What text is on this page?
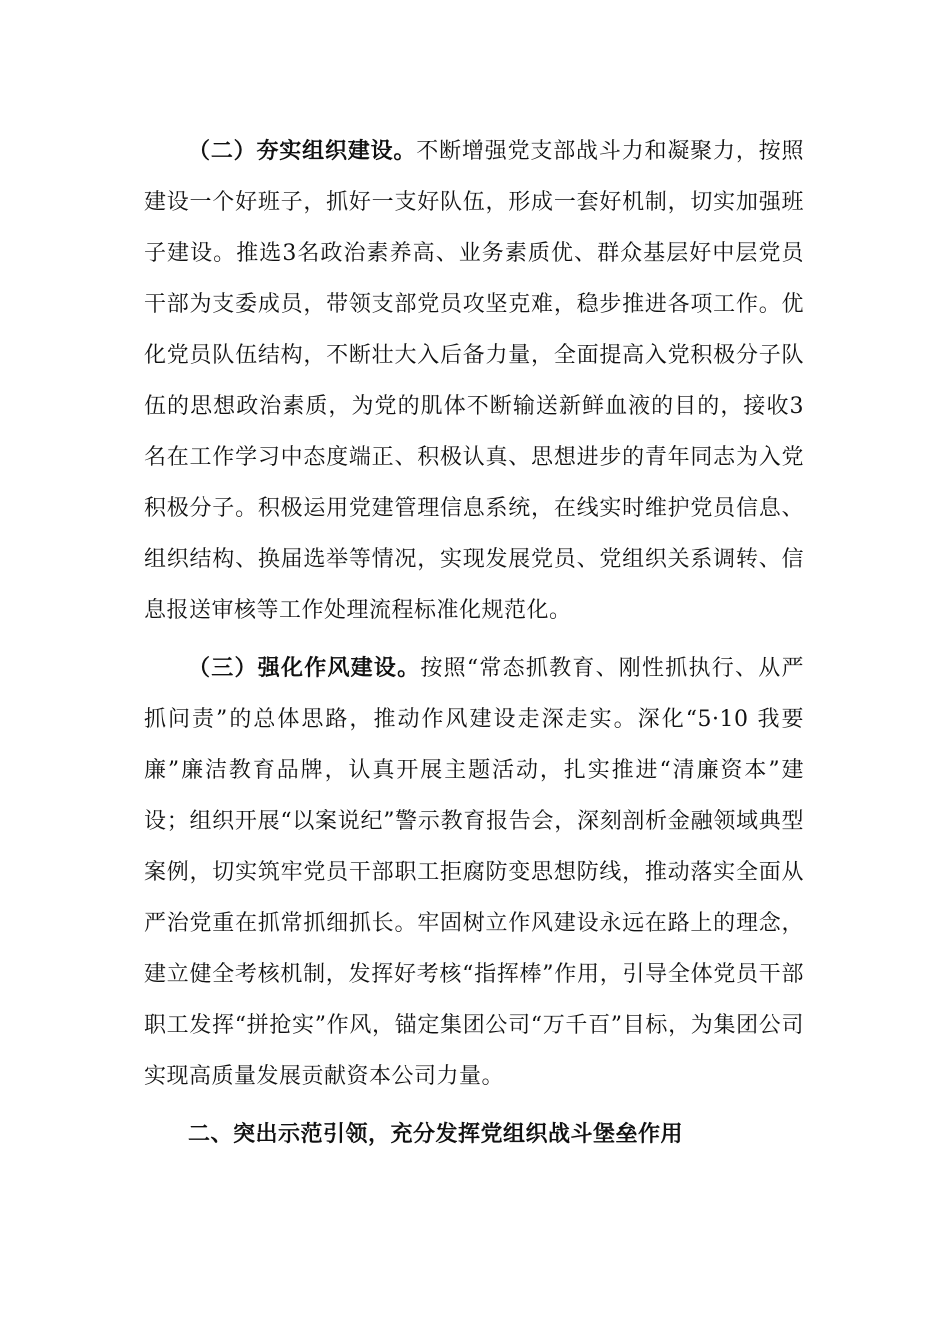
（二）夯实组织建设。不断增强党支部战斗力和凝聚力，按照建设一个好班子，抓好一支好队伍，形成一套好机制，切实加强班子建设。推选3名政治素养高、业务素质优、群众基层好中层党员干部为支委成员，带领支部党员攻坚克难，稳步推进各项工作。优化党员队伍结构，不断壮大入后备力量，全面提高入党积极分子队伍的思想政治素质，为党的肌体不断输送新鲜血液的目的，接收3名在工作学习中态度端正、积极认真、思想进步的青年同志为入党积极分子。积极运用党建管理信息系统，在线实时维护党员信息、组织结构、换届选举等情况，实现发展党员、党组织关系调转、信息报送审核等工作处理流程标准化规范化。

（三）强化作风建设。按照“常态抓教育、刚性抓执行、从严抓问责”的总体思路，推动作风建设走深走实。深化“5·10 我要廉”廉洁教育品牌，认真开展主题活动，扎实推进“清廉资本”建设；组织开展“以案说纪”警示教育报告会，深刻剖析金融领域典型案例，切实筑牢党员干部职工拒腐防变思想防线，推动落实全面从严治党重在抓常抓细抓长。牢固树立作风建设永远在路上的理念，建立健全考核机制，发挥好考核“指挥棒”作用，引导全体党员干部职工发挥“拼抢实”作风，锚定集团公司“万千百”目标，为集团公司实现高质量发展贡献资本公司力量。

二、突出示范引领，充分发挥党组织战斗堡垒作用
